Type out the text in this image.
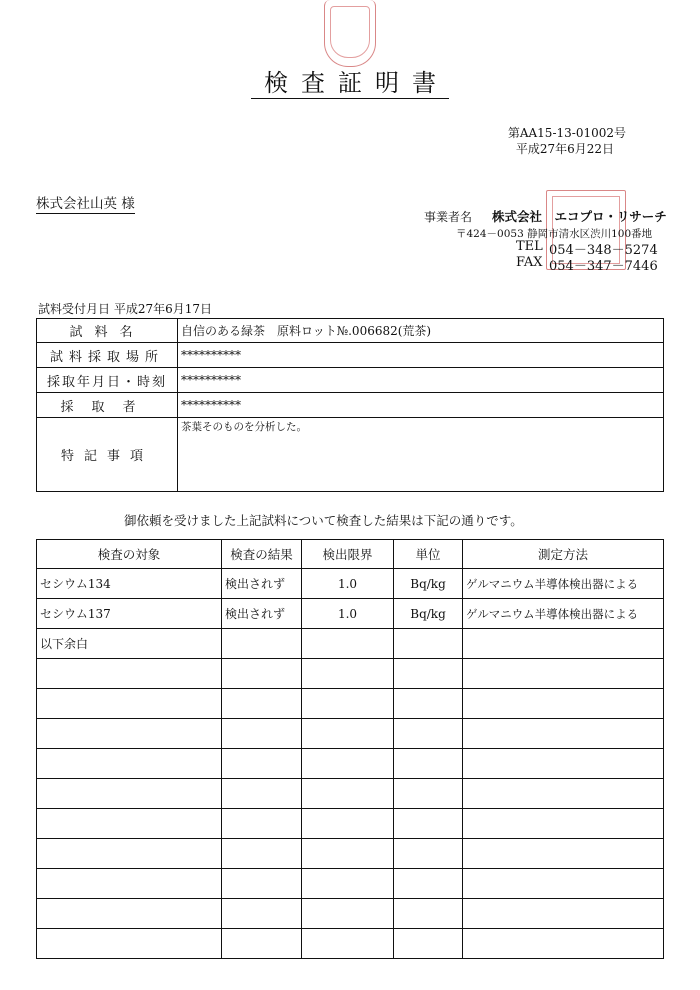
検査証明書
第AA15-13-01002号
平成27年6月22日
株式会社山英 様
事業者名 株式会社　エコプロ・リサーチ
〒424－0053 静岡市清水区渋川100番地
TEL 054－348－5274
FAX 054－347－7446
試料受付月日 平成27年6月17日
試料名	自信のある緑茶　原料ロット№.006682(荒茶)
試料採取場所	**********
採取年月日・時刻	**********
採取者	**********
特記事項	茶葉そのものを分析した。
御依頼を受けました上記試料について検査した結果は下記の通りです。
検査の対象	検査の結果	検出限界	単位	測定方法
セシウム134	検出されず	1.0	Bq/kg	ゲルマニウム半導体検出器による
セシウム137	検出されず	1.0	Bq/kg	ゲルマニウム半導体検出器による
以下余白				
